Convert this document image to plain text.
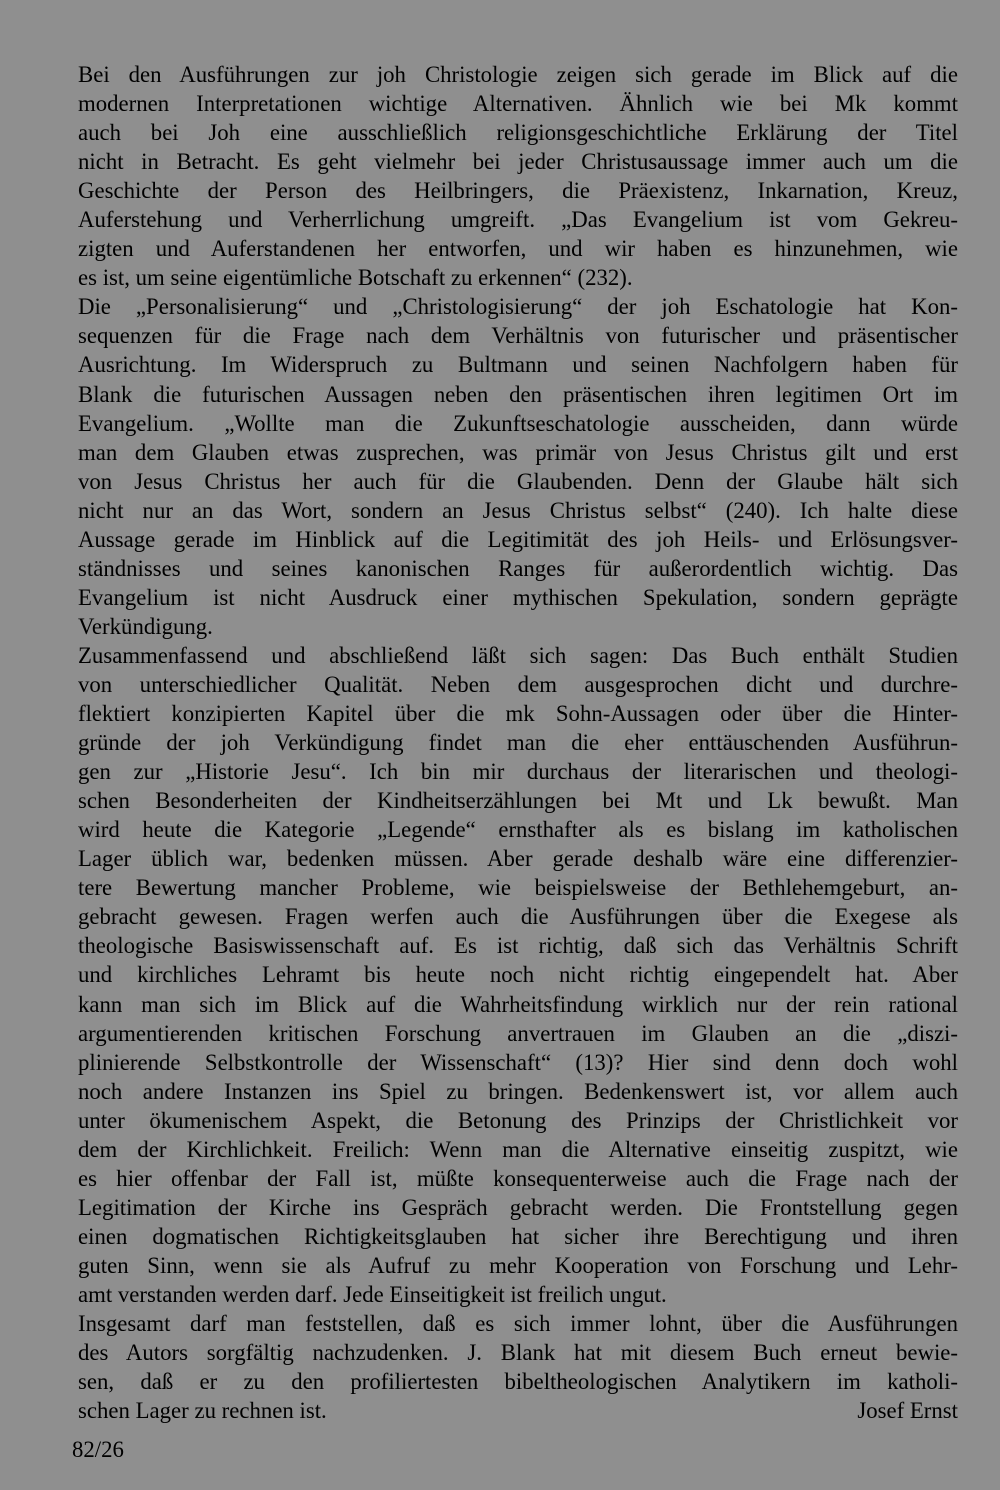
Bei den Ausführungen zur joh Christologie zeigen sich gerade im Blick auf die
modernen Interpretationen wichtige Alternativen. Ähnlich wie bei Mk kommt
auch bei Joh eine ausschließlich religionsgeschichtliche Erklärung der Titel
nicht in Betracht. Es geht vielmehr bei jeder Christusaussage immer auch um die
Geschichte der Person des Heilbringers, die Präexistenz, Inkarnation, Kreuz,
Auferstehung und Verherrlichung umgreift. „Das Evangelium ist vom Gekreu-
zigten und Auferstandenen her entworfen, und wir haben es hinzunehmen, wie
es ist, um seine eigentümliche Botschaft zu erkennen“ (232).
Die „Personalisierung“ und „Christologisierung“ der joh Eschatologie hat Kon-
sequenzen für die Frage nach dem Verhältnis von futurischer und präsentischer
Ausrichtung. Im Widerspruch zu Bultmann und seinen Nachfolgern haben für
Blank die futurischen Aussagen neben den präsentischen ihren legitimen Ort im
Evangelium. „Wollte man die Zukunftseschatologie ausscheiden, dann würde
man dem Glauben etwas zusprechen, was primär von Jesus Christus gilt und erst
von Jesus Christus her auch für die Glaubenden. Denn der Glaube hält sich
nicht nur an das Wort, sondern an Jesus Christus selbst“ (240). Ich halte diese
Aussage gerade im Hinblick auf die Legitimität des joh Heils- und Erlösungsver-
ständnisses und seines kanonischen Ranges für außerordentlich wichtig. Das
Evangelium ist nicht Ausdruck einer mythischen Spekulation, sondern geprägte
Verkündigung.
Zusammenfassend und abschließend läßt sich sagen: Das Buch enthält Studien
von unterschiedlicher Qualität. Neben dem ausgesprochen dicht und durchre-
flektiert konzipierten Kapitel über die mk Sohn-Aussagen oder über die Hinter-
gründe der joh Verkündigung findet man die eher enttäuschenden Ausführun-
gen zur „Historie Jesu“. Ich bin mir durchaus der literarischen und theologi-
schen Besonderheiten der Kindheitserzählungen bei Mt und Lk bewußt. Man
wird heute die Kategorie „Legende“ ernsthafter als es bislang im katholischen
Lager üblich war, bedenken müssen. Aber gerade deshalb wäre eine differenzier-
tere Bewertung mancher Probleme, wie beispielsweise der Bethlehemgeburt, an-
gebracht gewesen. Fragen werfen auch die Ausführungen über die Exegese als
theologische Basiswissenschaft auf. Es ist richtig, daß sich das Verhältnis Schrift
und kirchliches Lehramt bis heute noch nicht richtig eingependelt hat. Aber
kann man sich im Blick auf die Wahrheitsfindung wirklich nur der rein rational
argumentierenden kritischen Forschung anvertrauen im Glauben an die „diszi-
plinierende Selbstkontrolle der Wissenschaft“ (13)? Hier sind denn doch wohl
noch andere Instanzen ins Spiel zu bringen. Bedenkenswert ist, vor allem auch
unter ökumenischem Aspekt, die Betonung des Prinzips der Christlichkeit vor
dem der Kirchlichkeit. Freilich: Wenn man die Alternative einseitig zuspitzt, wie
es hier offenbar der Fall ist, müßte konsequenterweise auch die Frage nach der
Legitimation der Kirche ins Gespräch gebracht werden. Die Frontstellung gegen
einen dogmatischen Richtigkeitsglauben hat sicher ihre Berechtigung und ihren
guten Sinn, wenn sie als Aufruf zu mehr Kooperation von Forschung und Lehr-
amt verstanden werden darf. Jede Einseitigkeit ist freilich ungut.
Insgesamt darf man feststellen, daß es sich immer lohnt, über die Ausführungen
des Autors sorgfältig nachzudenken. J. Blank hat mit diesem Buch erneut bewie-
sen, daß er zu den profiliertesten bibeltheologischen Analytikern im katholi-
schen Lager zu rechnen ist.	Josef Ernst
82/26
